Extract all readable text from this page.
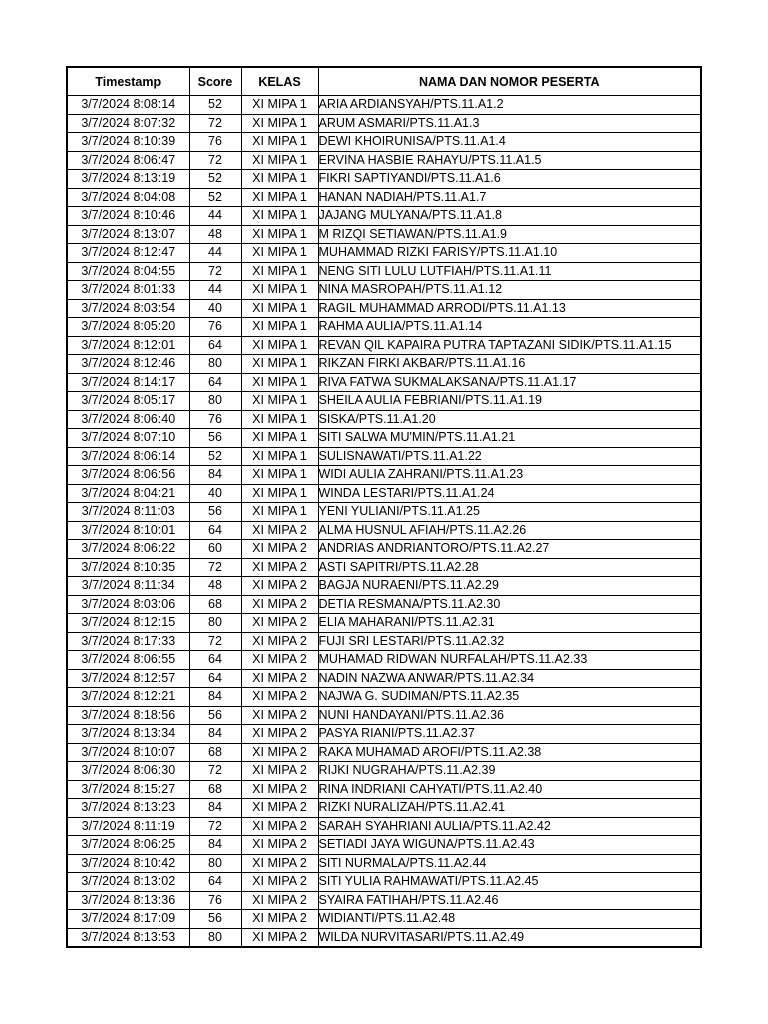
Timestamp	Score	KELAS	NAMA DAN NOMOR PESERTA
3/7/2024 8:08:14	52	XI MIPA 1	ARIA ARDIANSYAH/PTS.11.A1.2
3/7/2024 8:07:32	72	XI MIPA 1	ARUM ASMARI/PTS.11.A1.3
3/7/2024 8:10:39	76	XI MIPA 1	DEWI KHOIRUNISA/PTS.11.A1.4
3/7/2024 8:06:47	72	XI MIPA 1	ERVINA HASBIE RAHAYU/PTS.11.A1.5
3/7/2024 8:13:19	52	XI MIPA 1	FIKRI SAPTIYANDI/PTS.11.A1.6
3/7/2024 8:04:08	52	XI MIPA 1	HANAN NADIAH/PTS.11.A1.7
3/7/2024 8:10:46	44	XI MIPA 1	JAJANG MULYANA/PTS.11.A1.8
3/7/2024 8:13:07	48	XI MIPA 1	M RIZQI SETIAWAN/PTS.11.A1.9
3/7/2024 8:12:47	44	XI MIPA 1	MUHAMMAD RIZKI FARISY/PTS.11.A1.10
3/7/2024 8:04:55	72	XI MIPA 1	NENG SITI LULU LUTFIAH/PTS.11.A1.11
3/7/2024 8:01:33	44	XI MIPA 1	NINA MASROPAH/PTS.11.A1.12
3/7/2024 8:03:54	40	XI MIPA 1	RAGIL MUHAMMAD ARRODI/PTS.11.A1.13
3/7/2024 8:05:20	76	XI MIPA 1	RAHMA AULIA/PTS.11.A1.14
3/7/2024 8:12:01	64	XI MIPA 1	REVAN QIL KAPAIRA PUTRA TAPTAZANI SIDIK/PTS.11.A1.15
3/7/2024 8:12:46	80	XI MIPA 1	RIKZAN FIRKI AKBAR/PTS.11.A1.16
3/7/2024 8:14:17	64	XI MIPA 1	RIVA FATWA SUKMALAKSANA/PTS.11.A1.17
3/7/2024 8:05:17	80	XI MIPA 1	SHEILA AULIA FEBRIANI/PTS.11.A1.19
3/7/2024 8:06:40	76	XI MIPA 1	SISKA/PTS.11.A1.20
3/7/2024 8:07:10	56	XI MIPA 1	SITI SALWA MU'MIN/PTS.11.A1.21
3/7/2024 8:06:14	52	XI MIPA 1	SULISNAWATI/PTS.11.A1.22
3/7/2024 8:06:56	84	XI MIPA 1	WIDI AULIA ZAHRANI/PTS.11.A1.23
3/7/2024 8:04:21	40	XI MIPA 1	WINDA LESTARI/PTS.11.A1.24
3/7/2024 8:11:03	56	XI MIPA 1	YENI YULIANI/PTS.11.A1.25
3/7/2024 8:10:01	64	XI MIPA 2	ALMA HUSNUL AFIAH/PTS.11.A2.26
3/7/2024 8:06:22	60	XI MIPA 2	ANDRIAS ANDRIANTORO/PTS.11.A2.27
3/7/2024 8:10:35	72	XI MIPA 2	ASTI SAPITRI/PTS.11.A2.28
3/7/2024 8:11:34	48	XI MIPA 2	BAGJA NURAENI/PTS.11.A2.29
3/7/2024 8:03:06	68	XI MIPA 2	DETIA RESMANA/PTS.11.A2.30
3/7/2024 8:12:15	80	XI MIPA 2	ELIA MAHARANI/PTS.11.A2.31
3/7/2024 8:17:33	72	XI MIPA 2	FUJI SRI LESTARI/PTS.11.A2.32
3/7/2024 8:06:55	64	XI MIPA 2	MUHAMAD RIDWAN NURFALAH/PTS.11.A2.33
3/7/2024 8:12:57	64	XI MIPA 2	NADIN NAZWA ANWAR/PTS.11.A2.34
3/7/2024 8:12:21	84	XI MIPA 2	NAJWA G. SUDIMAN/PTS.11.A2.35
3/7/2024 8:18:56	56	XI MIPA 2	NUNI HANDAYANI/PTS.11.A2.36
3/7/2024 8:13:34	84	XI MIPA 2	PASYA RIANI/PTS.11.A2.37
3/7/2024 8:10:07	68	XI MIPA 2	RAKA MUHAMAD AROFI/PTS.11.A2.38
3/7/2024 8:06:30	72	XI MIPA 2	RIJKI NUGRAHA/PTS.11.A2.39
3/7/2024 8:15:27	68	XI MIPA 2	RINA INDRIANI CAHYATI/PTS.11.A2.40
3/7/2024 8:13:23	84	XI MIPA 2	RIZKI NURALIZAH/PTS.11.A2.41
3/7/2024 8:11:19	72	XI MIPA 2	SARAH SYAHRIANI AULIA/PTS.11.A2.42
3/7/2024 8:06:25	84	XI MIPA 2	SETIADI JAYA WIGUNA/PTS.11.A2.43
3/7/2024 8:10:42	80	XI MIPA 2	SITI NURMALA/PTS.11.A2.44
3/7/2024 8:13:02	64	XI MIPA 2	SITI YULIA RAHMAWATI/PTS.11.A2.45
3/7/2024 8:13:36	76	XI MIPA 2	SYAIRA FATIHAH/PTS.11.A2.46
3/7/2024 8:17:09	56	XI MIPA 2	WIDIANTI/PTS.11.A2.48
3/7/2024 8:13:53	80	XI MIPA 2	WILDA NURVITASARI/PTS.11.A2.49
